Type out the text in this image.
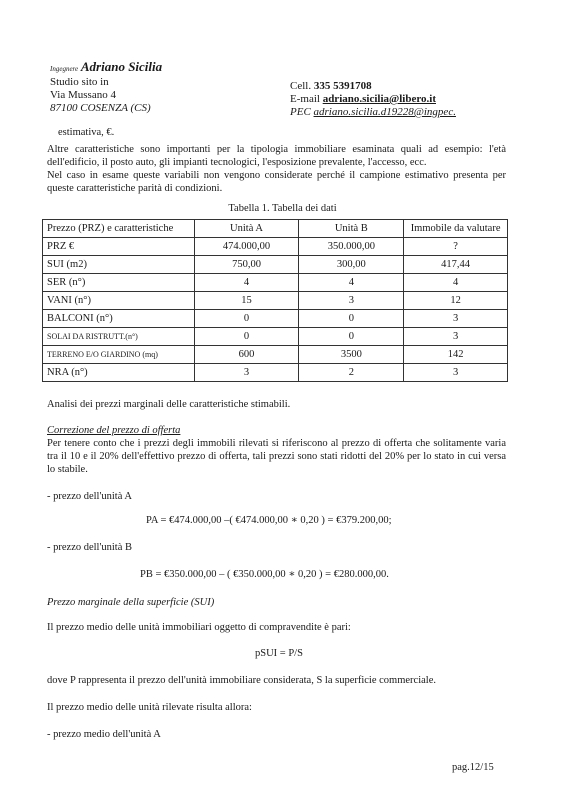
Ingegnere Adriano Sicilia
Studio sito in
Via Mussano 4
87100 COSENZA (CS)
Cell. 335 5391708
E-mail adriano.sicilia@libero.it
PEC adriano.sicilia.d19228@ingpec.
estimativa, €.
Altre caratteristiche sono importanti per la tipologia immobiliare esaminata quali ad esempio: l'età dell'edificio, il posto auto, gli impianti tecnologici, l'esposizione prevalente, l'accesso, ecc.
Nel caso in esame queste variabili non vengono considerate perché il campione estimativo presenta per queste caratteristiche parità di condizioni.
Tabella 1. Tabella dei dati
Prezzo (PRZ) e caratteristiche	Unità A	Unità B	Immobile da valutare
PRZ €	474.000,00	350.000,00	?
SUI (m2)	750,00	300,00	417,44
SER (n°)	4	4	4
VANI (n°)	15	3	12
BALCONI (n°)	0	0	3
SOLAI DA RISTRUTT.(n°)	0	0	3
TERRENO E/O GIARDINO (mq)	600	3500	142
NRA (n°)	3	2	3
Analisi dei prezzi marginali delle caratteristiche stimabili.
Correzione del prezzo di offerta
Per tenere conto che i prezzi degli immobili rilevati si riferiscono al prezzo di offerta che solitamente varia tra il 10 e il 20% dell'effettivo prezzo di offerta, tali prezzi sono stati ridotti del 20% per lo stato in cui versa lo stabile.
- prezzo dell'unità A
PA = €474.000,00 –( €474.000,00 ∗ 0,20 ) = €379.200,00;
- prezzo dell'unità B
PB = €350.000,00 – ( €350.000,00 ∗ 0,20 ) = €280.000,00.
Prezzo marginale della superficie (SUI)
Il prezzo medio delle unità immobiliari oggetto di compravendite è pari:
pSUI = P/S
dove P rappresenta il prezzo dell'unità immobiliare considerata, S la superficie commerciale.
Il prezzo medio delle unità rilevate risulta allora:
- prezzo medio dell'unità A
pag.12/15
